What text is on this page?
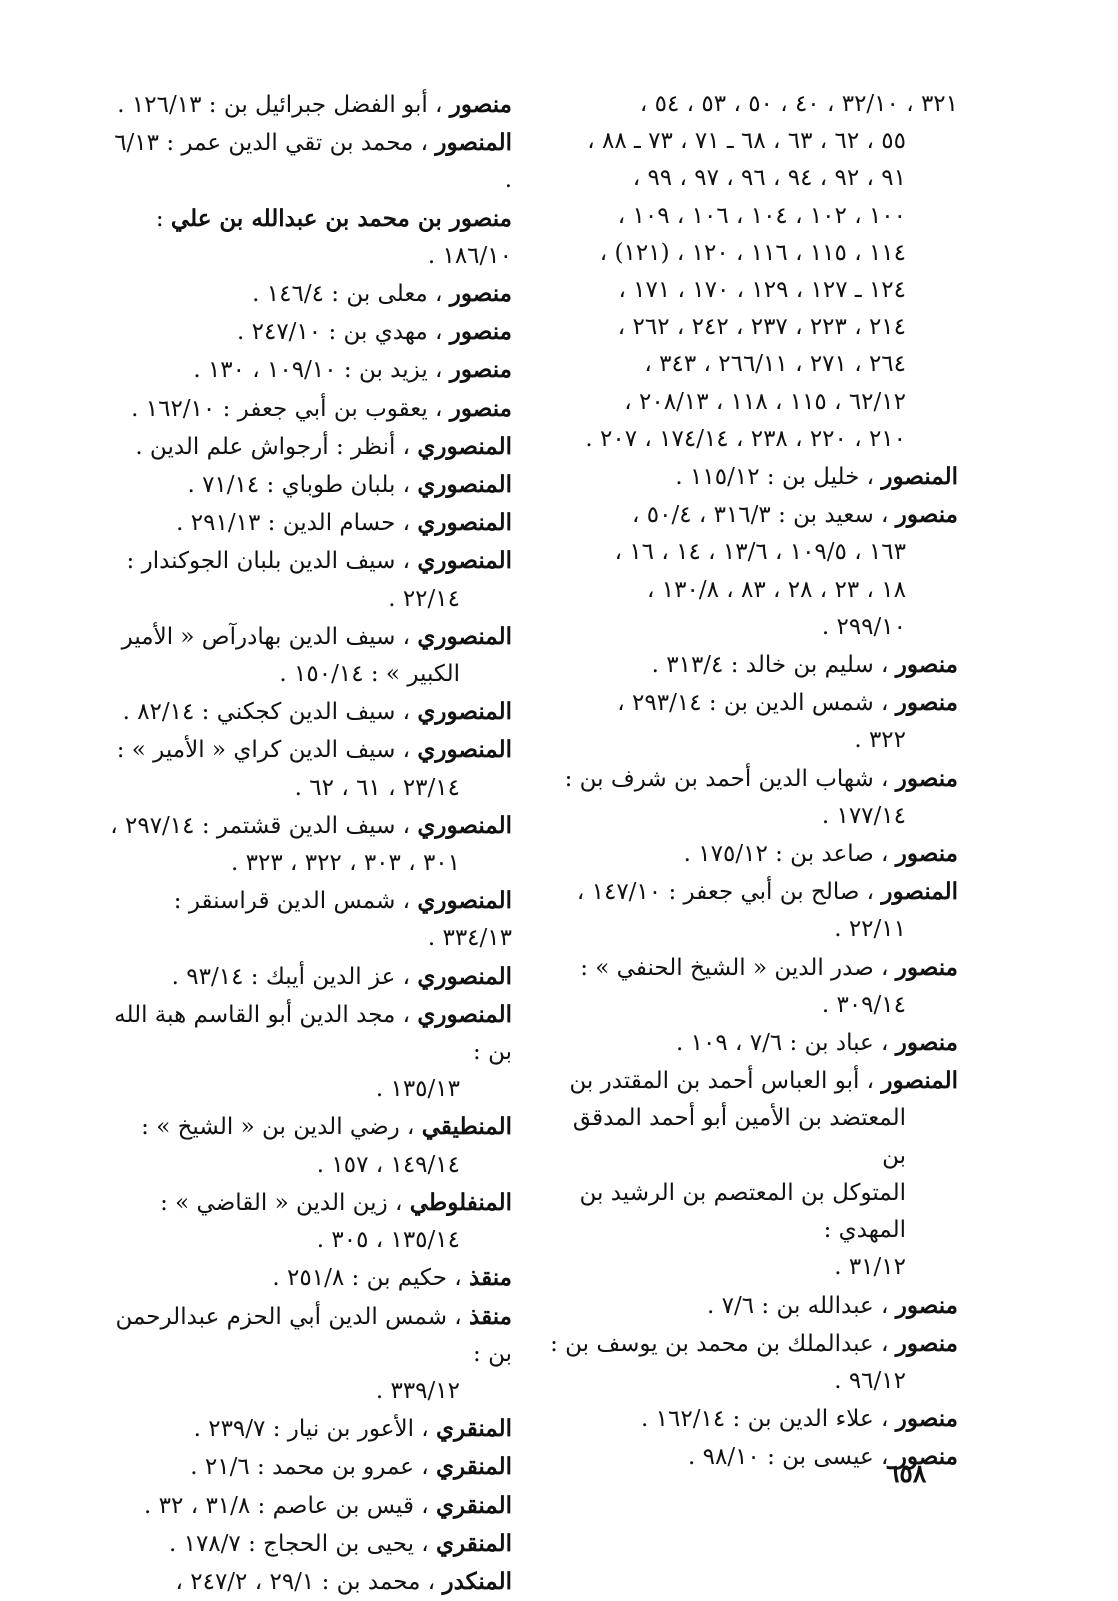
٣٢١ ، ٣٢/١٠ ، ٤٠ ، ٥٠ ، ٥٣ ، ٥٤ ،
٥٥ ، ٦٢ ، ٦٣ ، ٦٨ ـ ٧١ ، ٧٣ ـ ٨٨ ،
٩١ ، ٩٢ ، ٩٤ ، ٩٦ ، ٩٧ ، ٩٩ ،
١٠٠ ، ١٠٢ ، ١٠٤ ، ١٠٦ ، ١٠٩ ،
١١٤ ، ١١٥ ، ١١٦ ، ١٢٠ ، (١٢١) ،
١٢٤ ـ ١٢٧ ، ١٢٩ ، ١٧٠ ، ١٧١ ،
٢١٤ ، ٢٢٣ ، ٢٣٧ ، ٢٤٢ ، ٢٦٢ ،
٢٦٤ ، ٢٧١ ، ٢٦٦/١١ ، ٣٤٣ ،
٦٢/١٢ ، ١١٥ ، ١١٨ ، ٢٠٨/١٣ ،
٢١٠ ، ٢٢٠ ، ٢٣٨ ، ١٧٤/١٤ ، ٢٠٧ .
المنصور ، خليل بن : ١١٥/١٢ .
منصور ، سعيد بن : ٣١٦/٣ ، ٥٠/٤ ،
١٦٣ ، ١٠٩/٥ ، ١٣/٦ ، ١٤ ، ١٦ ،
١٨ ، ٢٣ ، ٢٨ ، ٨٣ ، ١٣٠/٨ ،
٢٩٩/١٠ .
منصور ، سليم بن خالد : ٣١٣/٤ .
منصور ، شمس الدين بن : ٢٩٣/١٤ ،
٣٢٢ .
منصور ، شهاب الدين أحمد بن شرف بن :
١٧٧/١٤ .
منصور ، صاعد بن : ١٧٥/١٢ .
المنصور ، صالح بن أبي جعفر : ١٤٧/١٠ ،
٢٢/١١ .
منصور ، صدر الدين « الشيخ الحنفي » :
٣٠٩/١٤ .
منصور ، عباد بن : ٧/٦ ، ١٠٩ .
المنصور ، أبو العباس أحمد بن المقتدر بن
المعتضد بن الأمين أبو أحمد المدقق بن
المتوكل بن المعتصم بن الرشيد بن المهدي :
٣١/١٢ .
منصور ، عبدالله بن : ٧/٦ .
منصور ، عبدالملك بن محمد بن يوسف بن :
٩٦/١٢ .
منصور ، علاء الدين بن : ١٦٢/١٤ .
منصور ، عيسى بن : ٩٨/١٠ .
منصور ، أبو الفضل جبرائيل بن : ١٢٦/١٣ .
المنصور ، محمد بن تقي الدين عمر : ٦/١٣ .
منصور بن محمد بن عبدالله بن علي : ١٨٦/١٠ .
منصور ، معلى بن : ١٤٦/٤ .
منصور ، مهدي بن : ٢٤٧/١٠ .
منصور ، يزيد بن : ١٠٩/١٠ ، ١٣٠ .
منصور ، يعقوب بن أبي جعفر : ١٦٢/١٠ .
المنصوري ، أنظر : أرجواش علم الدين .
المنصوري ، بلبان طوباي : ٧١/١٤ .
المنصوري ، حسام الدين : ٢٩١/١٣ .
المنصوري ، سيف الدين بلبان الجوكندار :
٢٢/١٤ .
المنصوري ، سيف الدين بهادرآص « الأمير
الكبير » : ١٥٠/١٤ .
المنصوري ، سيف الدين كجكني : ٨٢/١٤ .
المنصوري ، سيف الدين كراي « الأمير » :
٢٣/١٤ ، ٦١ ، ٦٢ .
المنصوري ، سيف الدين قشتمر : ٢٩٧/١٤ ،
٣٠١ ، ٣٠٣ ، ٣٢٢ ، ٣٢٣ .
المنصوري ، شمس الدين قراسنقر : ٣٣٤/١٣ .
المنصوري ، عز الدين أيبك : ٩٣/١٤ .
المنصوري ، مجد الدين أبو القاسم هبة الله بن :
١٣٥/١٣ .
المنطيقي ، رضي الدين بن « الشيخ » :
١٤٩/١٤ ، ١٥٧ .
المنفلوطي ، زين الدين « القاضي » :
١٣٥/١٤ ، ٣٠٥ .
منقذ ، حكيم بن : ٢٥١/٨ .
منقذ ، شمس الدين أبي الحزم عبدالرحمن بن :
٣٣٩/١٢ .
المنقري ، الأعور بن نيار : ٢٣٩/٧ .
المنقري ، عمرو بن محمد : ٢١/٦ .
المنقري ، قيس بن عاصم : ٣١/٨ ، ٣٢ .
المنقري ، يحيى بن الحجاج : ١٧٨/٧ .
المنكدر ، محمد بن : ٢٩/١ ، ٢٤٧/٢ ،
٦٥٨
